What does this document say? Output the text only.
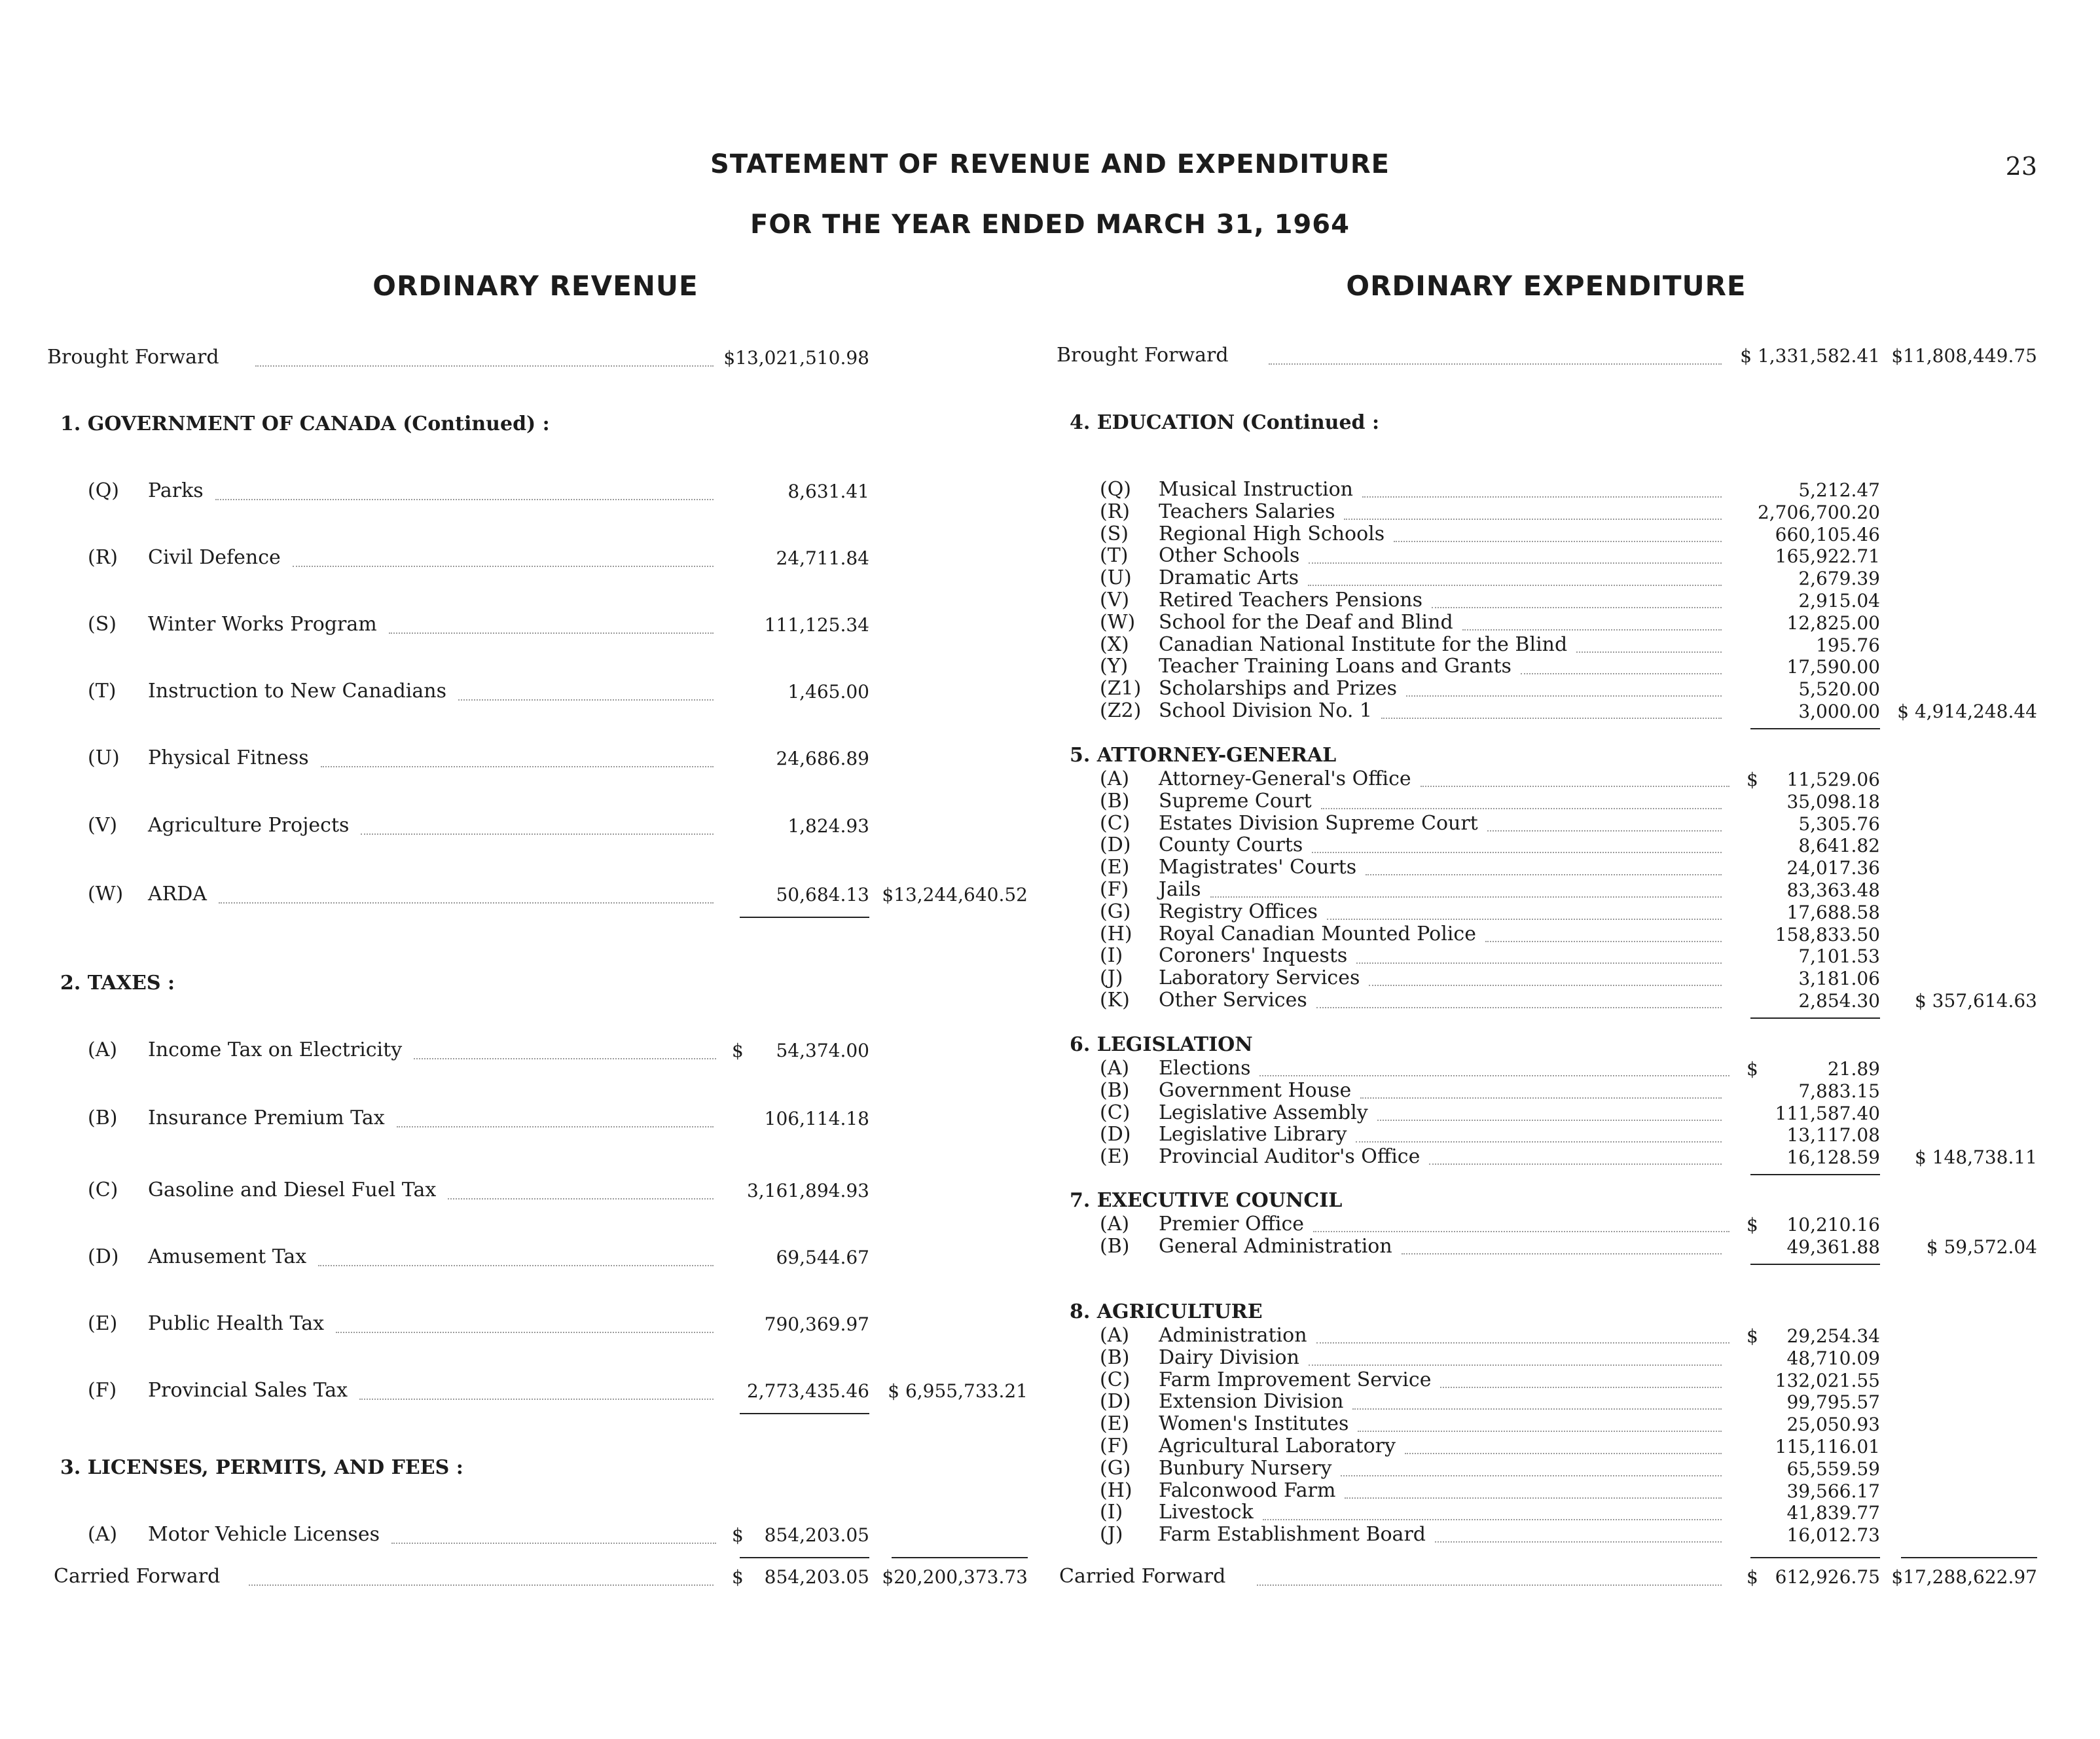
STATEMENT OF REVENUE AND EXPENDITURE
FOR THE YEAR ENDED MARCH 31, 1964
23
ORDINARY REVENUE	ORDINARY EXPENDITURE
Brought Forward	$13,021,510.98
1. GOVERNMENT OF CANADA (Continued) :
(Q) Parks	8,631.41
(R) Civil Defence	24,711.84
(S) Winter Works Program	111,125.34
(T) Instruction to New Canadians	1,465.00
(U) Physical Fitness	24,686.89
(V) Agriculture Projects	1,824.93
(W) ARDA	50,684.13 $13,244,640.52
2. TAXES :
(A) Income Tax on Electricity	$ 54,374.00
(B) Insurance Premium Tax	106,114.18
(C) Gasoline and Diesel Fuel Tax	3,161,894.93
(D) Amusement Tax	69,544.67
(E) Public Health Tax	790,369.97
(F) Provincial Sales Tax	2,773,435.46 $ 6,955,733.21
3. LICENSES, PERMITS, AND FEES :
(A) Motor Vehicle Licenses	$ 854,203.05
Carried Forward	$ 854,203.05 $20,200,373.73
Brought Forward	$ 1,331,582.41 $11,808,449.75
4. EDUCATION (Continued :
(Q) Musical Instruction	5,212.47
(R) Teachers Salaries	2,706,700.20
(S) Regional High Schools	660,105.46
(T) Other Schools	165,922.71
(U) Dramatic Arts	2,679.39
(V) Retired Teachers Pensions	2,915.04
(W) School for the Deaf and Blind	12,825.00
(X) Canadian National Institute for the Blind	195.76
(Y) Teacher Training Loans and Grants	17,590.00
(Z1) Scholarships and Prizes	5,520.00
(Z2) School Division No. 1	3,000.00 $ 4,914,248.44
5. ATTORNEY-GENERAL
(A) Attorney-General's Office	$ 11,529.06
(B) Supreme Court	35,098.18
(C) Estates Division Supreme Court	5,305.76
(D) County Courts	8,641.82
(E) Magistrates' Courts	24,017.36
(F) Jails	83,363.48
(G) Registry Offices	17,688.58
(H) Royal Canadian Mounted Police	158,833.50
(I) Coroners' Inquests	7,101.53
(J) Laboratory Services	3,181.06
(K) Other Services	2,854.30 $ 357,614.63
6. LEGISLATION
(A) Elections	$	21.89
(B) Government House	7,883.15
(C) Legislative Assembly	111,587.40
(D) Legislative Library	13,117.08
(E) Provincial Auditor's Office	16,128.59 $ 148,738.11
7. EXECUTIVE COUNCIL
(A) Premier Office	$ 10,210.16
(B) General Administration	49,361.88	$ 59,572.04
8. AGRICULTURE
(A) Administration	$ 29,254.34
(B) Dairy Division	48,710.09
(C) Farm Improvement Service	132,021.55
(D) Extension Division	99,795.57
(E) Women's Institutes	25,050.93
(F) Agricultural Laboratory	115,116.01
(G) Bunbury Nursery	65,559.59
(H) Falconwood Farm	39,566.17
(I) Livestock	41,839.77
(J) Farm Establishment Board	16,012.73
Carried Forward	$ 612,926.75 $17,288,622.97
